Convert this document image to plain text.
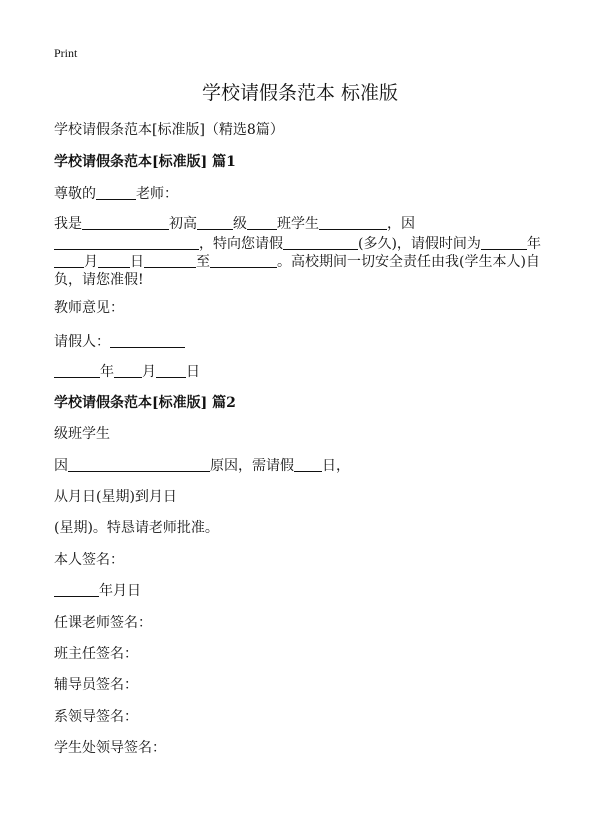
Print
学校请假条范本 标准版
学校请假条范本[标准版]（精选8篇）
学校请假条范本[标准版] 篇1
尊敬的	老师：
我是	初高	级 班学生	，因
，特向您请假	(多久)，请假时间为	年
月 日	至	。高校期间一切安全责任由我(学生本人)自
负，请您准假!
教师意见：
请假人：
年 月 日
学校请假条范本[标准版] 篇2
级班学生
因	原因，需请假 日，
从月日(星期)到月日
(星期)。特恳请老师批准。
本人签名：
年月日
任课老师签名：
班主任签名：
辅导员签名：
系领导签名：
学生处领导签名：
